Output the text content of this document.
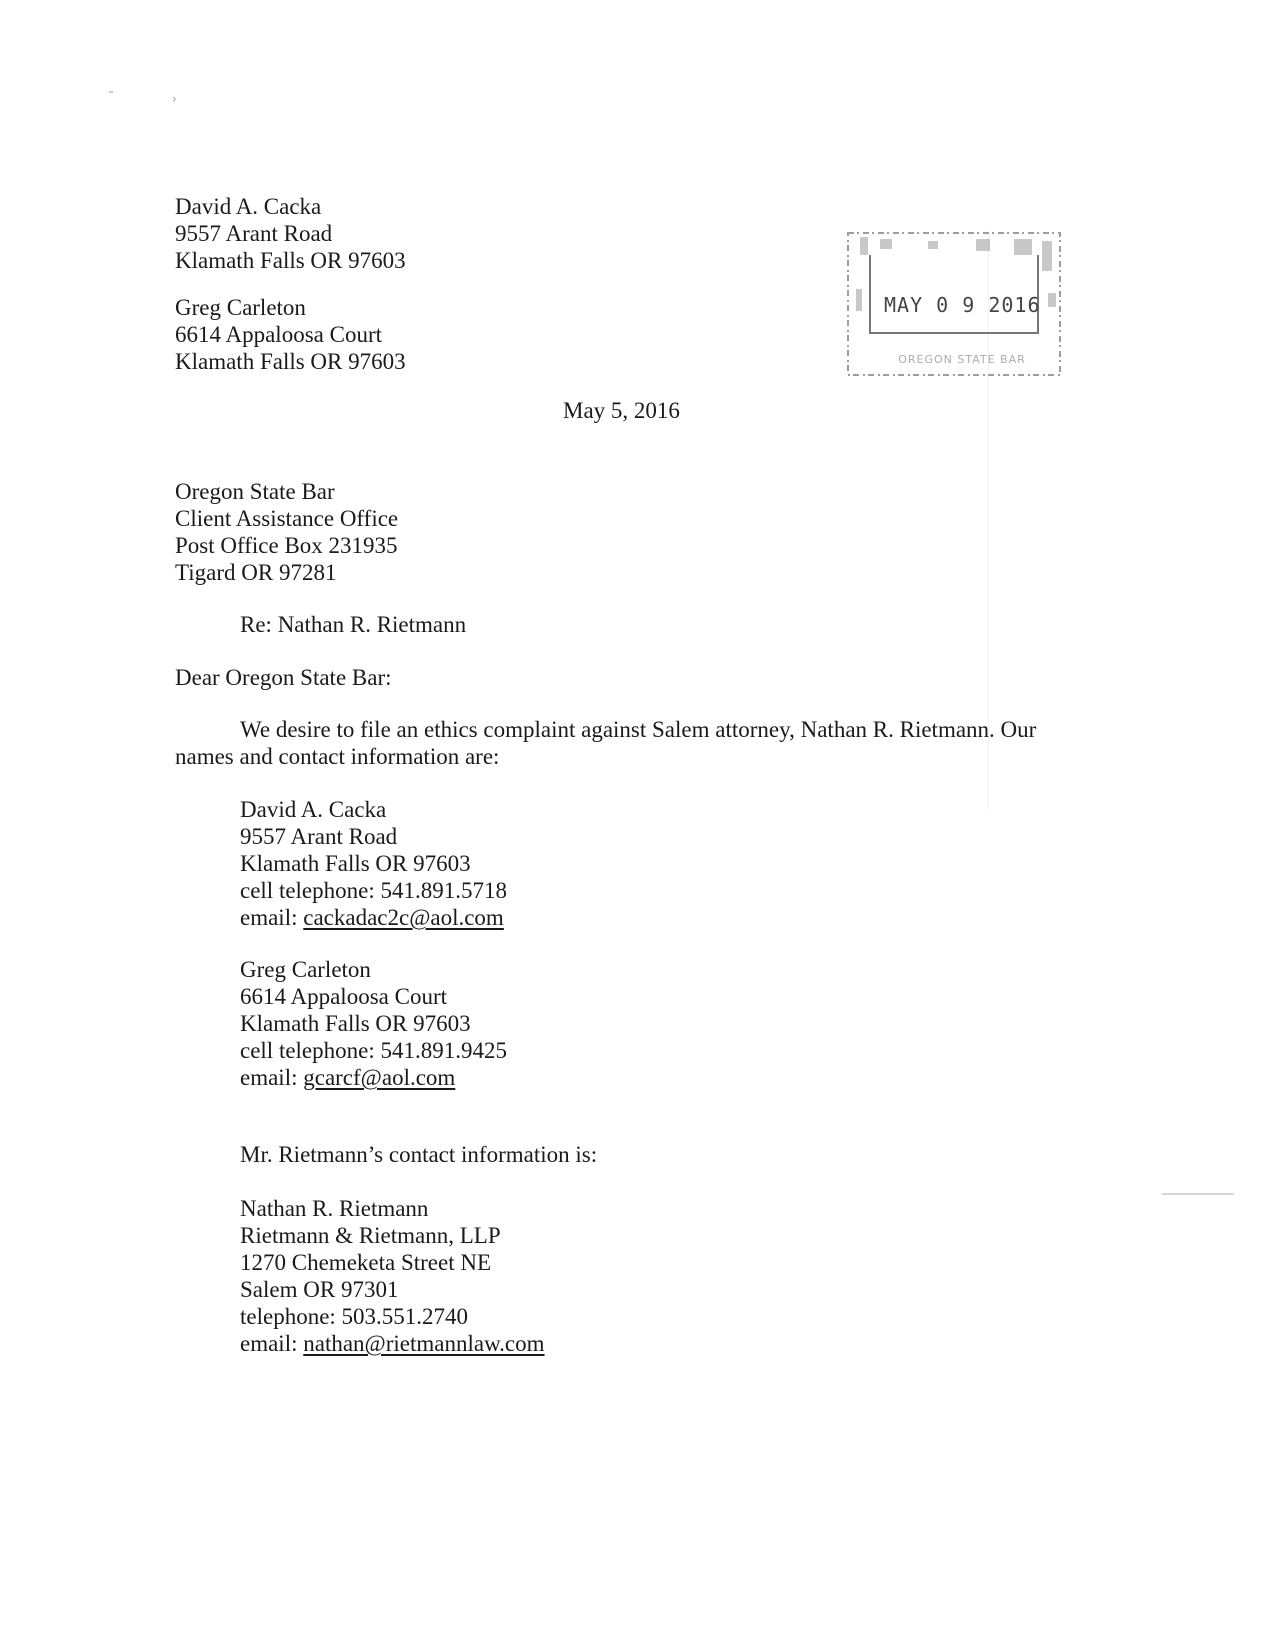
˜	›
David A. Cacka
9557 Arant Road
Klamath Falls OR 97603
Greg Carleton
6614 Appaloosa Court
Klamath Falls OR 97603
MAY 0 9 2016
OREGON STATE BAR
May 5, 2016
Oregon State Bar
Client Assistance Office
Post Office Box 231935
Tigard OR 97281
Re: Nathan R. Rietmann
Dear Oregon State Bar:
We desire to file an ethics complaint against Salem attorney, Nathan R. Rietmann. Our
names and contact information are:
David A. Cacka
9557 Arant Road
Klamath Falls OR 97603
cell telephone: 541.891.5718
email: cackadac2c@aol.com
Greg Carleton
6614 Appaloosa Court
Klamath Falls OR 97603
cell telephone: 541.891.9425
email: gcarcf@aol.com
Mr. Rietmann’s contact information is:
Nathan R. Rietmann
Rietmann & Rietmann, LLP
1270 Chemeketa Street NE
Salem OR 97301
telephone: 503.551.2740
email: nathan@rietmannlaw.com
